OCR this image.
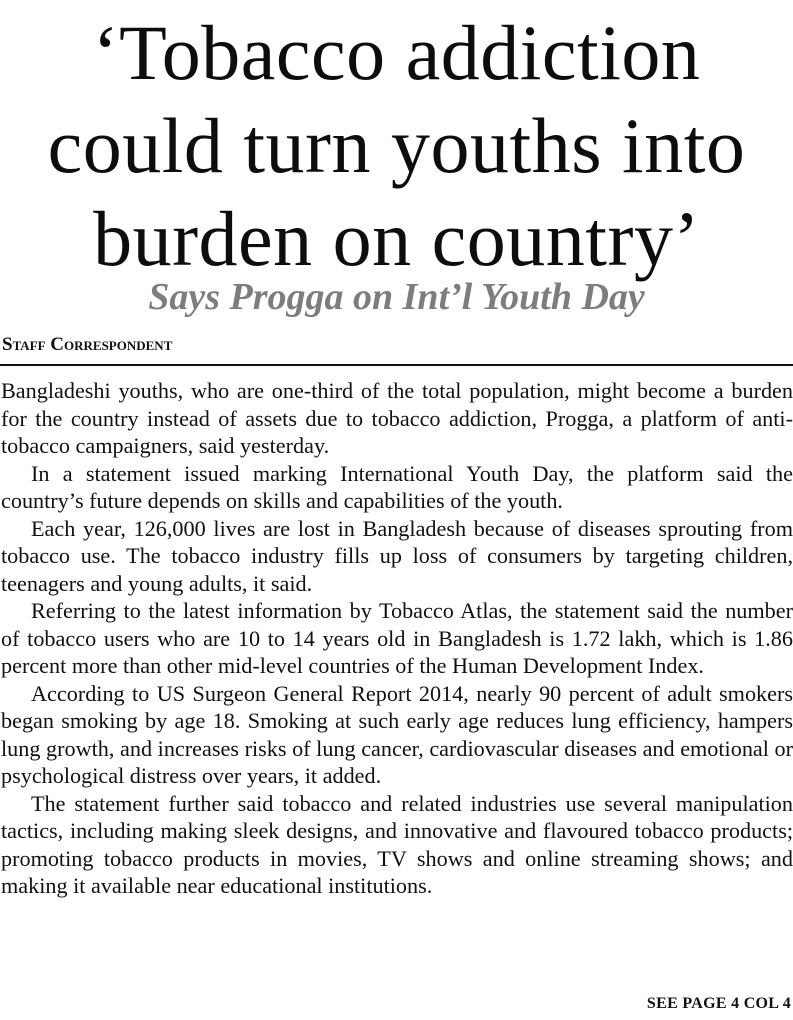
‘Tobacco addiction
could turn youths into
burden on country’
Says Progga on Int’l Youth Day
Staff Correspondent

Bangladeshi youths, who are one-third of the total population, might become a burden for the country instead of assets due to tobacco addiction, Progga, a platform of anti-tobacco campaigners, said yesterday.

In a statement issued marking International Youth Day, the platform said the country’s future depends on skills and capabilities of the youth.

Each year, 126,000 lives are lost in Bangladesh because of diseases sprouting from tobacco use. The tobacco industry fills up loss of consumers by targeting children, teenagers and young adults, it said.

Referring to the latest information by Tobacco Atlas, the statement said the number of tobacco users who are 10 to 14 years old in Bangladesh is 1.72 lakh, which is 1.86 percent more than other mid-level countries of the Human Development Index.

According to US Surgeon General Report 2014, nearly 90 percent of adult smokers began smoking by age 18. Smoking at such early age reduces lung efficiency, hampers lung growth, and increases risks of lung cancer, cardiovascular diseases and emotional or psychological distress over years, it added.

The statement further said tobacco and related industries use several manipulation tactics, including making sleek designs, and innovative and flavoured tobacco products; promoting tobacco products in movies, TV shows and online streaming shows; and making it available near educational institutions.

SEE PAGE 4 COL 4
